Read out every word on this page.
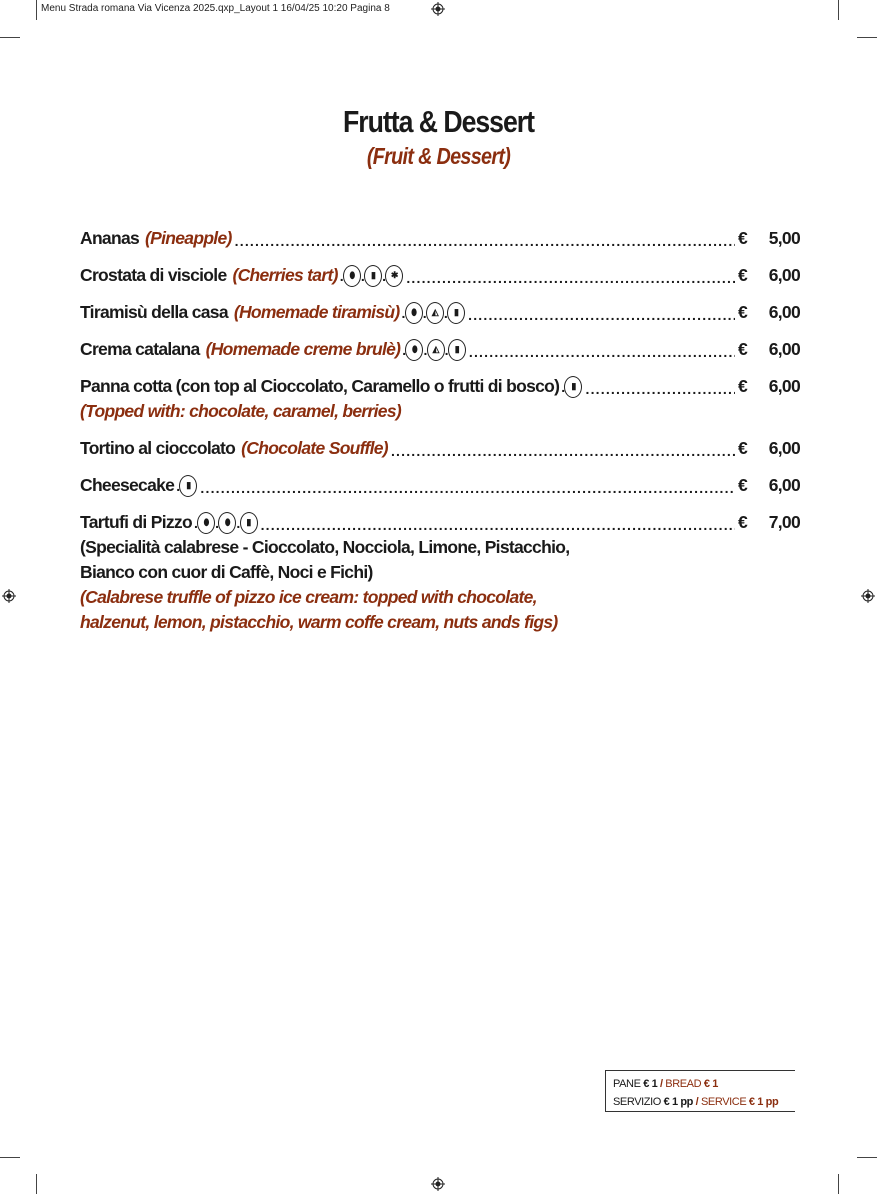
Menu Strada romana Via Vicenza 2025.qxp_Layout 1 16/04/25 10:20 Pagina 8
Frutta & Dessert
(Fruit & Dessert)
Ananas (Pineapple) .....	€	5,00
Crostata di visciole (Cherries tart) . ⬮ . ▮ . ✱ .....	€	6,00
Tiramisù della casa (Homemade tiramisù) . ⬮ . ◭ . ▮ .....	€	6,00
Crema catalana (Homemade creme brulè) . ⬮ . ◭ . ▮ .....	€	6,00
Panna cotta (con top al Cioccolato, Caramello o frutti di bosco) . ▮ .....	€	6,00
(Topped with: chocolate, caramel, berries)
Tortino al cioccolato (Chocolate Souffle) .....	€	6,00
Cheesecake . ▮ .....	€	6,00
Tartufi di Pizzo . ⬮ . ⬮ . ▮ .....	€	7,00
(Specialità calabrese - Cioccolato, Nocciola, Limone, Pistacchio,
Bianco con cuor di Caffè, Noci e Fichi)
(Calabrese truffle of pizzo ice cream: topped with chocolate,
halzenut, lemon, pistacchio, warm coffe cream, nuts ands figs)
PANE € 1 / BREAD € 1
SERVIZIO € 1 pp / SERVICE € 1 pp
